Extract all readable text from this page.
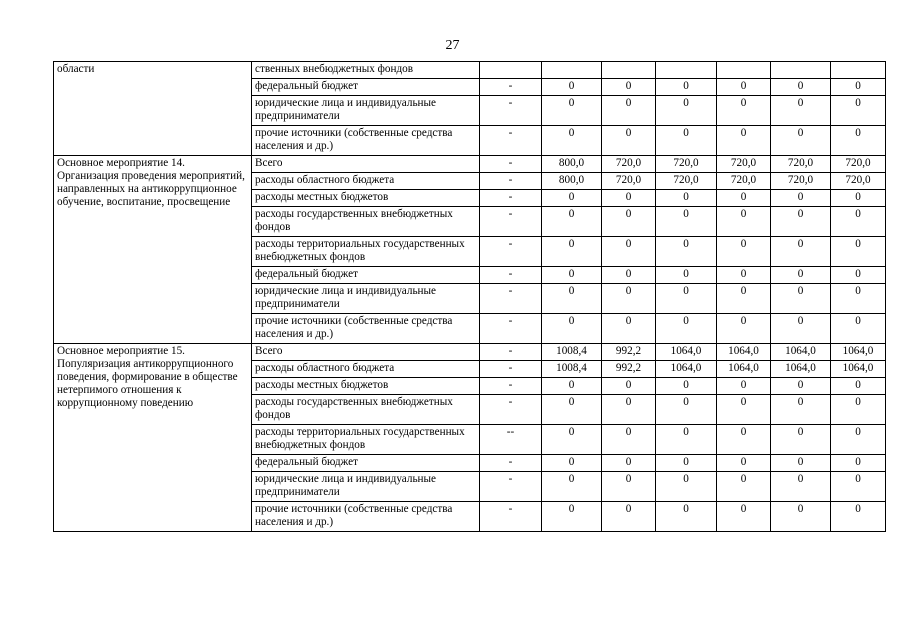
27
области	ственных внебюджетных фондов							
	федеральный бюджет	-	0	0	0	0	0	0
	юридические лица и индивидуальные предприниматели	-	0	0	0	0	0	0
	прочие источники (собственные средства населения и др.)	-	0	0	0	0	0	0
Основное мероприятие 14. Организация проведения мероприятий, направленных на антикоррупционное обучение, воспитание, просвещение	Всего	-	800,0	720,0	720,0	720,0	720,0	720,0
	расходы областного бюджета	-	800,0	720,0	720,0	720,0	720,0	720,0
	расходы местных бюджетов	-	0	0	0	0	0	0
	расходы государственных внебюджетных фондов	-	0	0	0	0	0	0
	расходы территориальных государственных внебюджетных фондов	-	0	0	0	0	0	0
	федеральный бюджет	-	0	0	0	0	0	0
	юридические лица и индивидуальные предприниматели	-	0	0	0	0	0	0
	прочие источники (собственные средства населения и др.)	-	0	0	0	0	0	0
Основное мероприятие 15. Популяризация антикоррупционного поведения, формирование в обществе нетерпимого отношения к коррупционному поведению	Всего	-	1008,4	992,2	1064,0	1064,0	1064,0	1064,0
	расходы областного бюджета	-	1008,4	992,2	1064,0	1064,0	1064,0	1064,0
	расходы местных бюджетов	-	0	0	0	0	0	0
	расходы государственных внебюджетных фондов	-	0	0	0	0	0	0
	расходы территориальных государственных внебюджетных фондов	--	0	0	0	0	0	0
	федеральный бюджет	-	0	0	0	0	0	0
	юридические лица и индивидуальные предприниматели	-	0	0	0	0	0	0
	прочие источники (собственные средства населения и др.)	-	0	0	0	0	0	0
